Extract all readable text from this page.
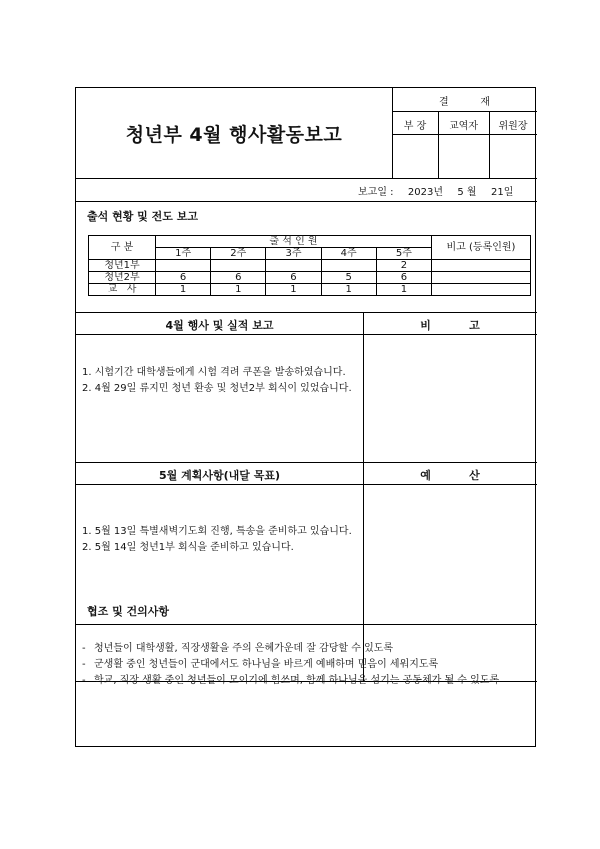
청년부 4월 행사활동보고
결          재
부 장	교역자	위원장
보고일 : 2023년 5 월 21일
출석 현황 및 전도 보고
구 분	출 석 인 원					비고 (등록인원)
	1주	2주	3주	4주	5주	
청년1부					2	
청년2부	6	6	6	5	6	
교   사	1	1	1	1	1	
4월 행사 및 실적 보고	비          고
1. 시험기간 대학생들에게 시험 격려 쿠폰을 발송하였습니다.
2. 4월 29일 류지민 청년 환송 및 청년2부 회식이 있었습니다.
5월 계획사항(내달 목표)	예          산
1. 5월 13일 특별새벽기도회 진행, 특송을 준비하고 있습니다.
2. 5월 14일 청년1부 회식을 준비하고 있습니다.
협조 및 건의사항
- 청년들이 대학생활, 직장생활을 주의 은혜가운데 잘 감당할 수 있도록
- 군생활 중인 청년들이 군대에서도 하나님을 바르게 예배하며 믿음이 세워지도록
- 학교, 직장 생활 중인 청년들이 모이기에 힘쓰며, 함께 하나님을 섬기는 공동체가 될 수 있도록
